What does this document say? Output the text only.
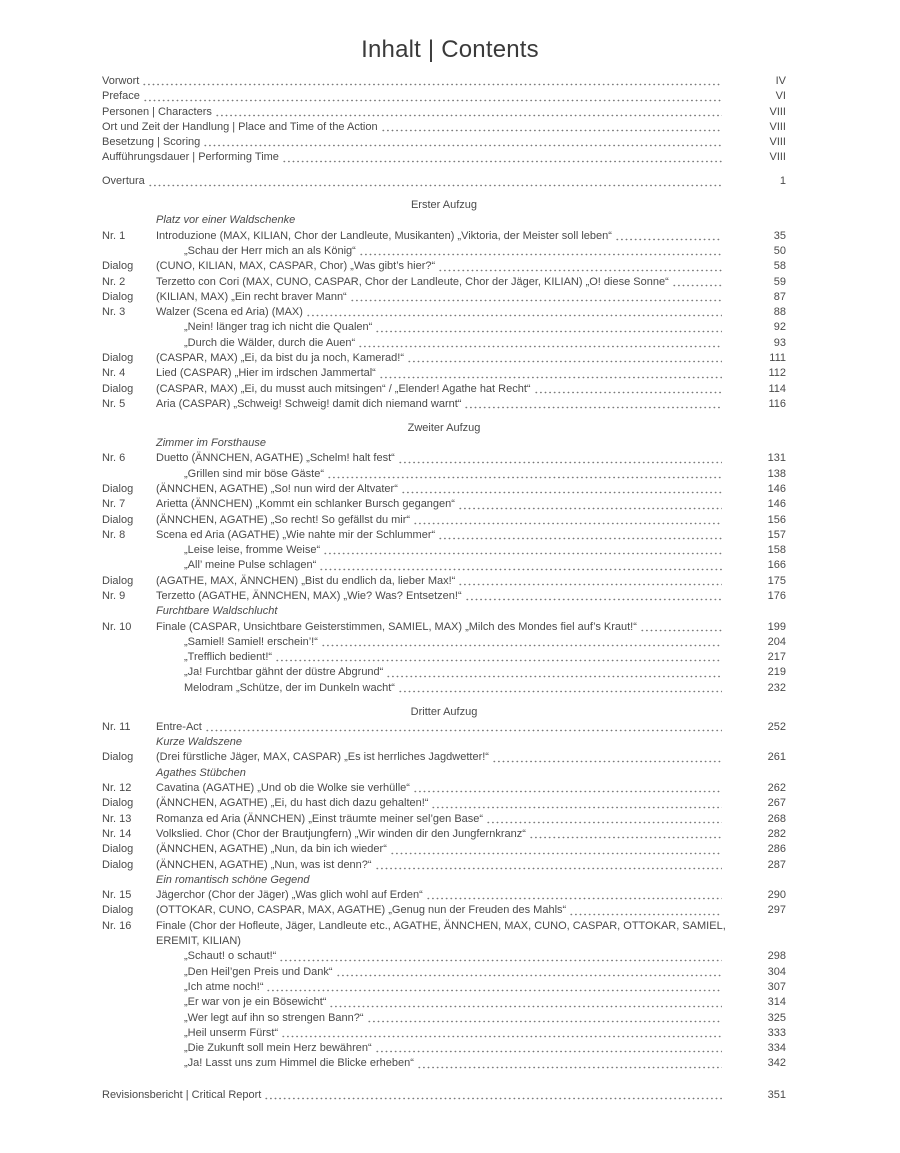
Inhalt | Contents
Vorwort	IV
Preface	VI
Personen | Characters	VIII
Ort und Zeit der Handlung | Place and Time of the Action	VIII
Besetzung | Scoring	VIII
Aufführungsdauer | Performing Time	VIII
Overtura	1
Erster Aufzug
Platz vor einer Waldschenke
Nr. 1	Introduzione (MAX, KILIAN, Chor der Landleute, Musikanten) „Viktoria, der Meister soll leben“	35
„Schau der Herr mich an als König“	50
Dialog	(CUNO, KILIAN, MAX, CASPAR, Chor) „Was gibt’s hier?“	58
Nr. 2	Terzetto con Cori (MAX, CUNO, CASPAR, Chor der Landleute, Chor der Jäger, KILIAN) „O! diese Sonne“	59
Dialog	(KILIAN, MAX) „Ein recht braver Mann“	87
Nr. 3	Walzer (Scena ed Aria) (MAX)	88
„Nein! länger trag ich nicht die Qualen“	92
„Durch die Wälder, durch die Auen“	93
Dialog	(CASPAR, MAX) „Ei, da bist du ja noch, Kamerad!“	111
Nr. 4	Lied (CASPAR) „Hier im irdschen Jammertal“	112
Dialog	(CASPAR, MAX) „Ei, du musst auch mitsingen“ / „Elender! Agathe hat Recht“	114
Nr. 5	Aria (CASPAR) „Schweig! Schweig! damit dich niemand warnt“	116
Zweiter Aufzug
Zimmer im Forsthause
Nr. 6	Duetto (ÄNNCHEN, AGATHE) „Schelm! halt fest“	131
„Grillen sind mir böse Gäste“	138
Dialog	(ÄNNCHEN, AGATHE) „So! nun wird der Altvater“	146
Nr. 7	Arietta (ÄNNCHEN) „Kommt ein schlanker Bursch gegangen“	146
Dialog	(ÄNNCHEN, AGATHE) „So recht! So gefällst du mir“	156
Nr. 8	Scena ed Aria (AGATHE) „Wie nahte mir der Schlummer“	157
„Leise leise, fromme Weise“	158
„All’ meine Pulse schlagen“	166
Dialog	(AGATHE, MAX, ÄNNCHEN) „Bist du endlich da, lieber Max!“	175
Nr. 9	Terzetto (AGATHE, ÄNNCHEN, MAX) „Wie? Was? Entsetzen!“	176
Furchtbare Waldschlucht
Nr. 10	Finale (CASPAR, Unsichtbare Geisterstimmen, SAMIEL, MAX) „Milch des Mondes fiel auf’s Kraut!“	199
„Samiel! Samiel! erschein’!“	204
„Trefflich bedient!“	217
„Ja! Furchtbar gähnt der düstre Abgrund“	219
Melodram „Schütze, der im Dunkeln wacht“	232
Dritter Aufzug
Nr. 11	Entre-Act	252
Kurze Waldszene
Dialog	(Drei fürstliche Jäger, MAX, CASPAR) „Es ist herrliches Jagdwetter!“	261
Agathes Stübchen
Nr. 12	Cavatina (AGATHE) „Und ob die Wolke sie verhülle“	262
Dialog	(ÄNNCHEN, AGATHE) „Ei, du hast dich dazu gehalten!“	267
Nr. 13	Romanza ed Aria (ÄNNCHEN) „Einst träumte meiner sel’gen Base“	268
Nr. 14	Volkslied. Chor (Chor der Brautjungfern) „Wir winden dir den Jungfernkranz“	282
Dialog	(ÄNNCHEN, AGATHE) „Nun, da bin ich wieder“	286
Dialog	(ÄNNCHEN, AGATHE) „Nun, was ist denn?“	287
Ein romantisch schöne Gegend
Nr. 15	Jägerchor (Chor der Jäger) „Was glich wohl auf Erden“	290
Dialog	(OTTOKAR, CUNO, CASPAR, MAX, AGATHE) „Genug nun der Freuden des Mahls“	297
Nr. 16	Finale (Chor der Hofleute, Jäger, Landleute etc., AGATHE, ÄNNCHEN, MAX, CUNO, CASPAR, OTTOKAR, SAMIEL, EREMIT, KILIAN)
„Schaut! o schaut!“	298
„Den Heil’gen Preis und Dank“	304
„Ich atme noch!“	307
„Er war von je ein Bösewicht“	314
„Wer legt auf ihn so strengen Bann?“	325
„Heil unserm Fürst“	333
„Die Zukunft soll mein Herz bewähren“	334
„Ja! Lasst uns zum Himmel die Blicke erheben“	342
Revisionsbericht | Critical Report	351
